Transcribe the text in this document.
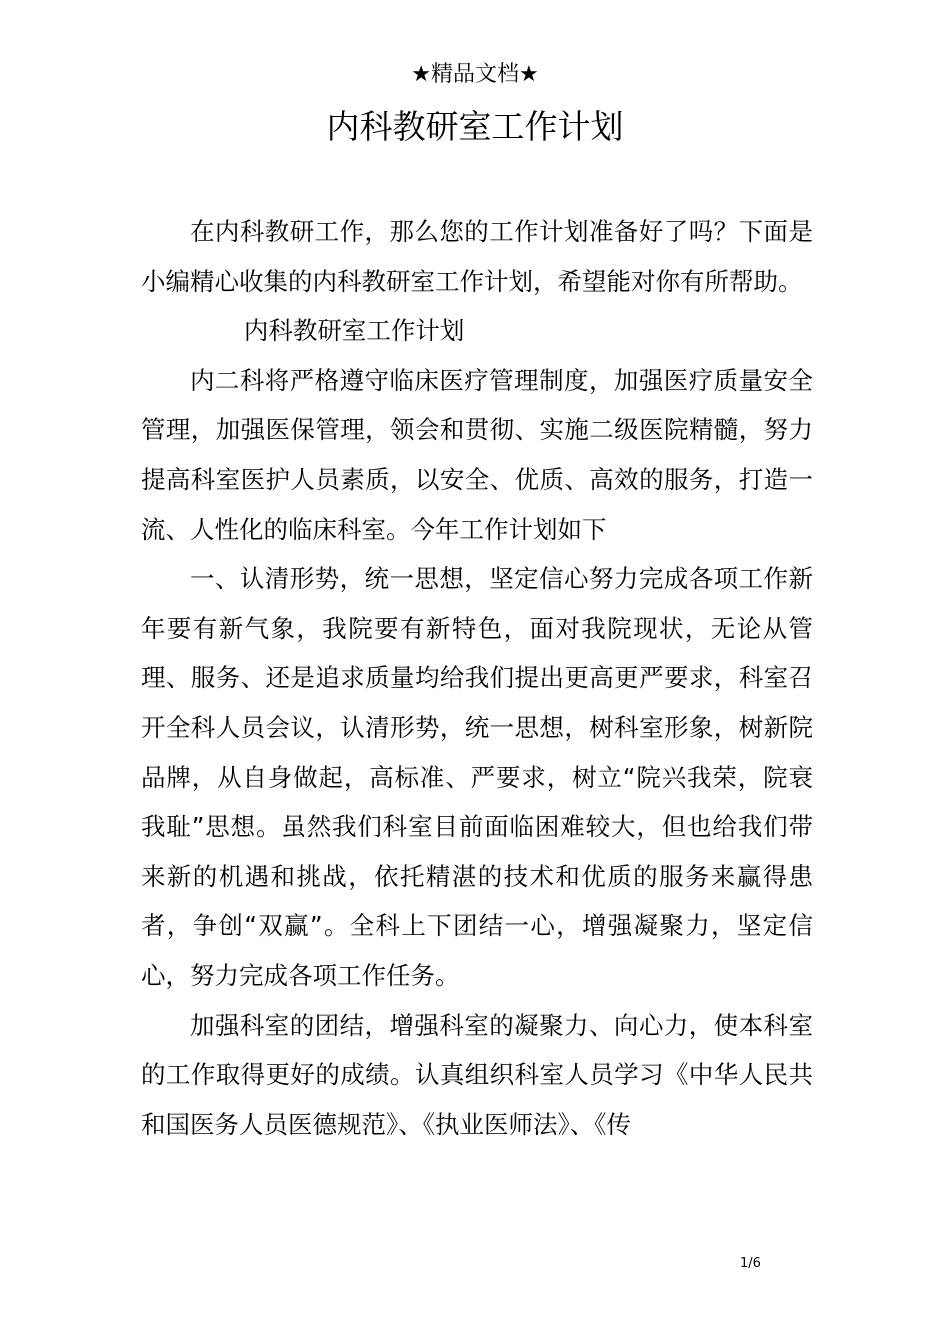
★精品文档★
内科教研室工作计划

在内科教研工作，那么您的工作计划准备好了吗？下面是小编精心收集的内科教研室工作计划，希望能对你有所帮助。

内科教研室工作计划

内二科将严格遵守临床医疗管理制度，加强医疗质量安全管理，加强医保管理，领会和贯彻、实施二级医院精髓，努力提高科室医护人员素质，以安全、优质、高效的服务，打造一流、人性化的临床科室。今年工作计划如下

一、认清形势，统一思想，坚定信心努力完成各项工作新年要有新气象，我院要有新特色，面对我院现状，无论从管理、服务、还是追求质量均给我们提出更高更严要求，科室召开全科人员会议，认清形势，统一思想，树科室形象，树新院品牌，从自身做起，高标准、严要求，树立“院兴我荣，院衰我耻”思想。虽然我们科室目前面临困难较大，但也给我们带来新的机遇和挑战，依托精湛的技术和优质的服务来赢得患者，争创“双赢”。全科上下团结一心，增强凝聚力，坚定信心，努力完成各项工作任务。

加强科室的团结，增强科室的凝聚力、向心力，使本科室的工作取得更好的成绩。认真组织科室人员学习《中华人民共和国医务人员医德规范》、《执业医师法》、《传

1/6
